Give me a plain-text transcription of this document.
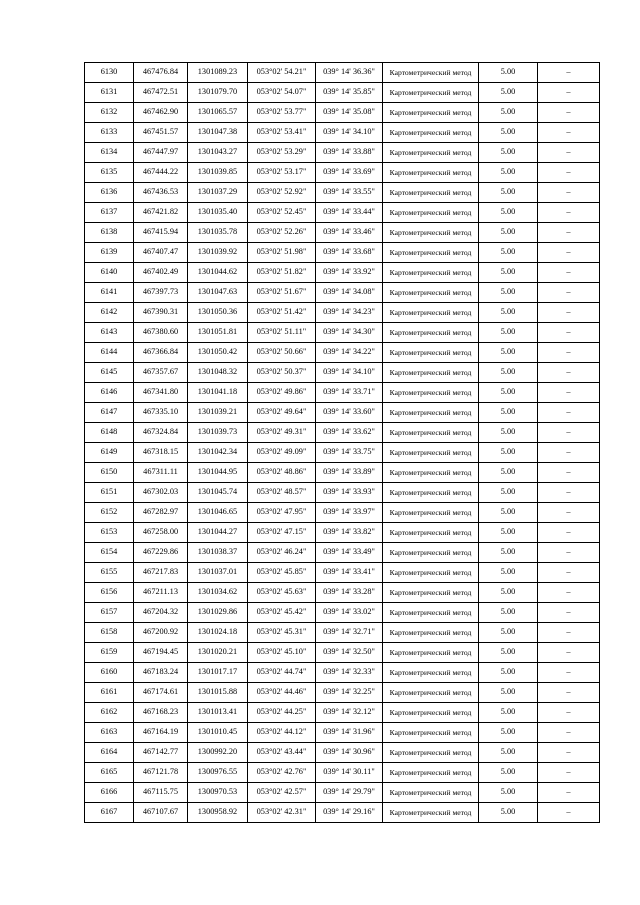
6130	467476.84	1301089.23	053°02' 54.21"	039° 14' 36.36"	Картометрический метод	5.00	–
6131	467472.51	1301079.70	053°02' 54.07"	039° 14' 35.85"	Картометрический метод	5.00	–
6132	467462.90	1301065.57	053°02' 53.77"	039° 14' 35.08"	Картометрический метод	5.00	–
6133	467451.57	1301047.38	053°02' 53.41"	039° 14' 34.10"	Картометрический метод	5.00	–
6134	467447.97	1301043.27	053°02' 53.29"	039° 14' 33.88"	Картометрический метод	5.00	–
6135	467444.22	1301039.85	053°02' 53.17"	039° 14' 33.69"	Картометрический метод	5.00	–
6136	467436.53	1301037.29	053°02' 52.92"	039° 14' 33.55"	Картометрический метод	5.00	–
6137	467421.82	1301035.40	053°02' 52.45"	039° 14' 33.44"	Картометрический метод	5.00	–
6138	467415.94	1301035.78	053°02' 52.26"	039° 14' 33.46"	Картометрический метод	5.00	–
6139	467407.47	1301039.92	053°02' 51.98"	039° 14' 33.68"	Картометрический метод	5.00	–
6140	467402.49	1301044.62	053°02' 51.82"	039° 14' 33.92"	Картометрический метод	5.00	–
6141	467397.73	1301047.63	053°02' 51.67"	039° 14' 34.08"	Картометрический метод	5.00	–
6142	467390.31	1301050.36	053°02' 51.42"	039° 14' 34.23"	Картометрический метод	5.00	–
6143	467380.60	1301051.81	053°02' 51.11"	039° 14' 34.30"	Картометрический метод	5.00	–
6144	467366.84	1301050.42	053°02' 50.66"	039° 14' 34.22"	Картометрический метод	5.00	–
6145	467357.67	1301048.32	053°02' 50.37"	039° 14' 34.10"	Картометрический метод	5.00	–
6146	467341.80	1301041.18	053°02' 49.86"	039° 14' 33.71"	Картометрический метод	5.00	–
6147	467335.10	1301039.21	053°02' 49.64"	039° 14' 33.60"	Картометрический метод	5.00	–
6148	467324.84	1301039.73	053°02' 49.31"	039° 14' 33.62"	Картометрический метод	5.00	–
6149	467318.15	1301042.34	053°02' 49.09"	039° 14' 33.75"	Картометрический метод	5.00	–
6150	467311.11	1301044.95	053°02' 48.86"	039° 14' 33.89"	Картометрический метод	5.00	–
6151	467302.03	1301045.74	053°02' 48.57"	039° 14' 33.93"	Картометрический метод	5.00	–
6152	467282.97	1301046.65	053°02' 47.95"	039° 14' 33.97"	Картометрический метод	5.00	–
6153	467258.00	1301044.27	053°02' 47.15"	039° 14' 33.82"	Картометрический метод	5.00	–
6154	467229.86	1301038.37	053°02' 46.24"	039° 14' 33.49"	Картометрический метод	5.00	–
6155	467217.83	1301037.01	053°02' 45.85"	039° 14' 33.41"	Картометрический метод	5.00	–
6156	467211.13	1301034.62	053°02' 45.63"	039° 14' 33.28"	Картометрический метод	5.00	–
6157	467204.32	1301029.86	053°02' 45.42"	039° 14' 33.02"	Картометрический метод	5.00	–
6158	467200.92	1301024.18	053°02' 45.31"	039° 14' 32.71"	Картометрический метод	5.00	–
6159	467194.45	1301020.21	053°02' 45.10"	039° 14' 32.50"	Картометрический метод	5.00	–
6160	467183.24	1301017.17	053°02' 44.74"	039° 14' 32.33"	Картометрический метод	5.00	–
6161	467174.61	1301015.88	053°02' 44.46"	039° 14' 32.25"	Картометрический метод	5.00	–
6162	467168.23	1301013.41	053°02' 44.25"	039° 14' 32.12"	Картометрический метод	5.00	–
6163	467164.19	1301010.45	053°02' 44.12"	039° 14' 31.96"	Картометрический метод	5.00	–
6164	467142.77	1300992.20	053°02' 43.44"	039° 14' 30.96"	Картометрический метод	5.00	–
6165	467121.78	1300976.55	053°02' 42.76"	039° 14' 30.11"	Картометрический метод	5.00	–
6166	467115.75	1300970.53	053°02' 42.57"	039° 14' 29.79"	Картометрический метод	5.00	–
6167	467107.67	1300958.92	053°02' 42.31"	039° 14' 29.16"	Картометрический метод	5.00	–
